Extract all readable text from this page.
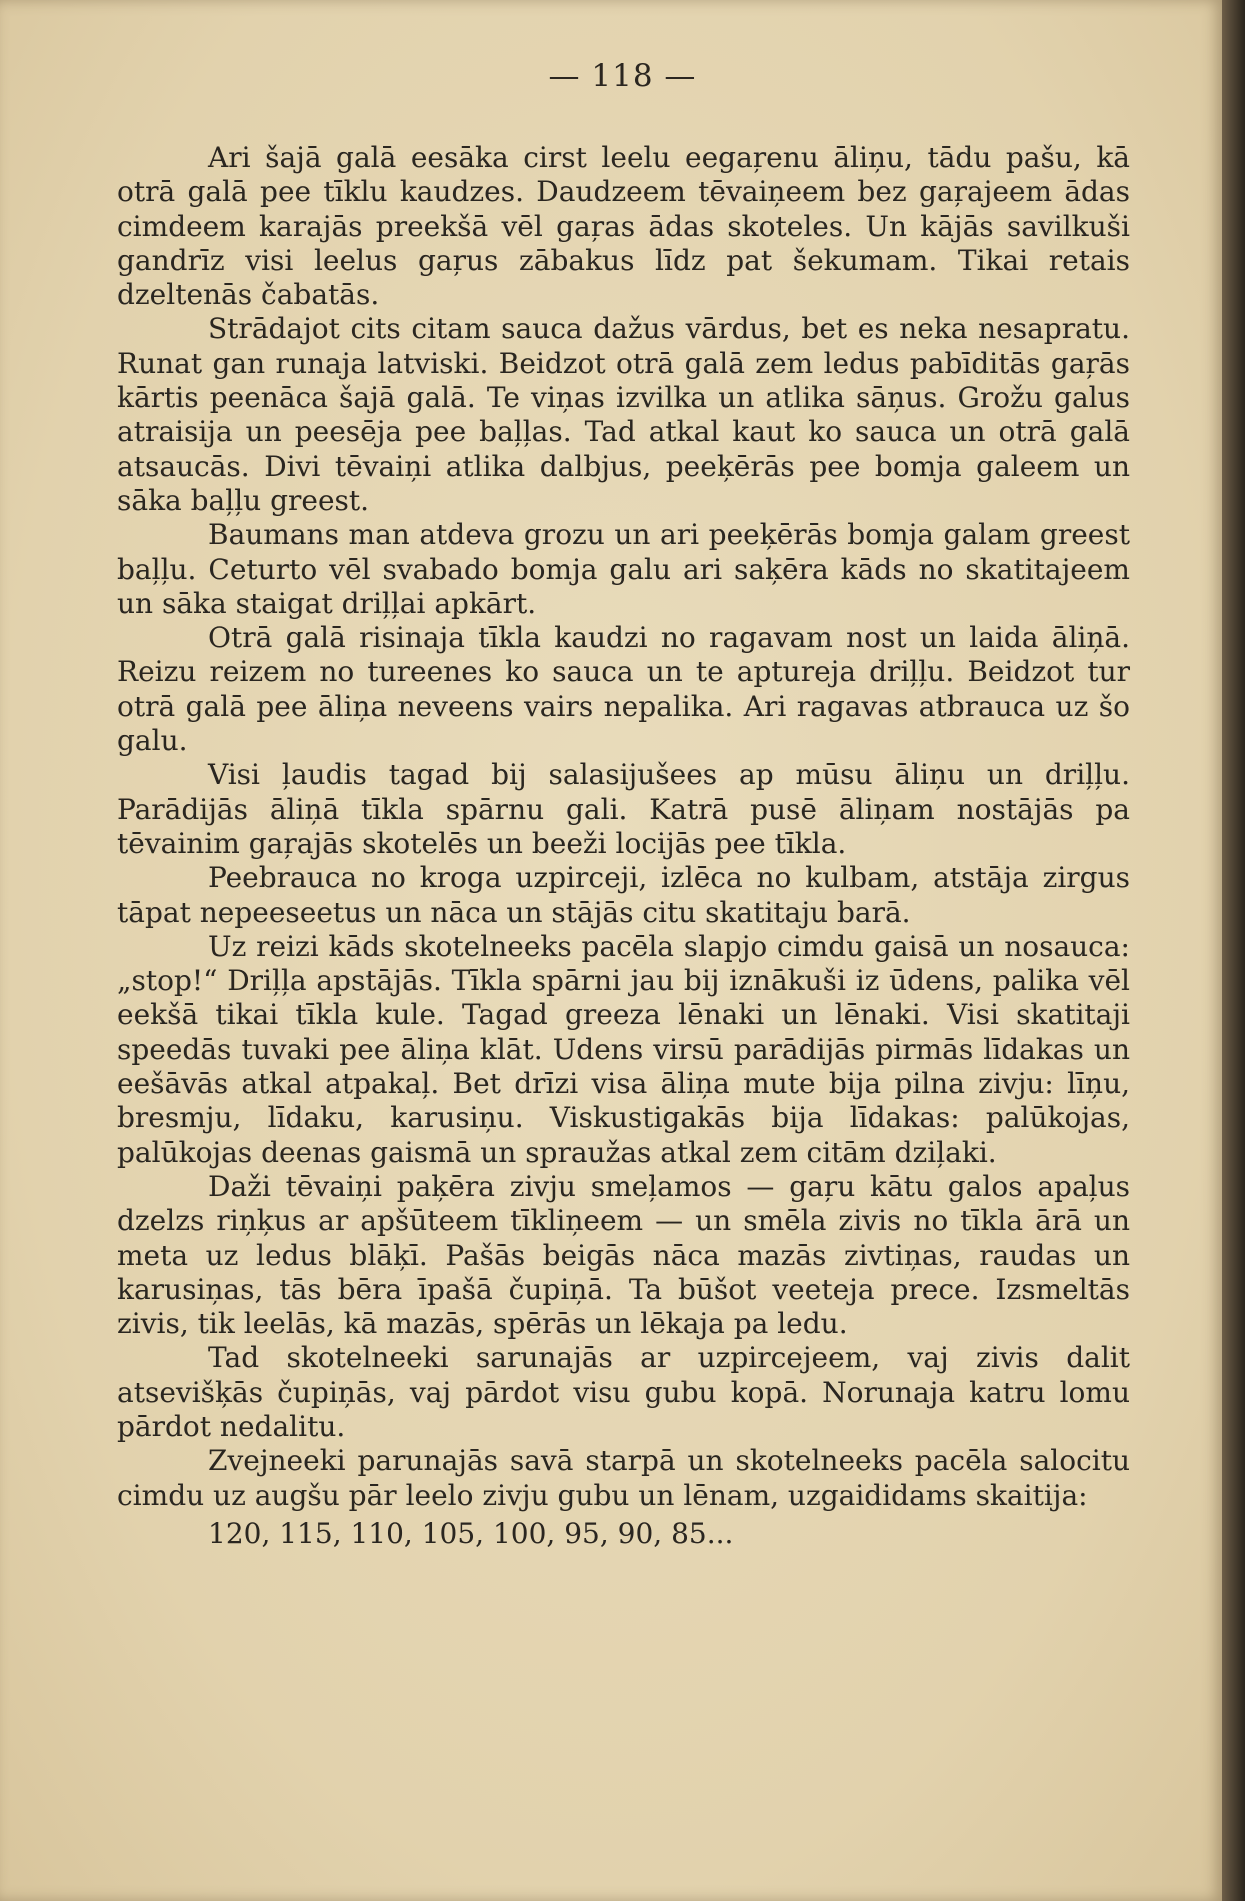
— 118 —

Ari šajā galā eesāka cirst leelu eegaŗenu āliņu, tādu pašu, kā otrā galā pee tīklu kaudzes. Daudzeem tēvaiņeem bez gaŗajeem ādas cimdeem karajās preekšā vēl gaŗas ādas skoteles. Un kājās savilkuši gandrīz visi leelus gaŗus zābakus līdz pat šekumam. Tikai retais dzeltenās čabatās.

Strādajot cits citam sauca dažus vārdus, bet es neka nesapratu. Runat gan runaja latviski. Beidzot otrā galā zem ledus pabīditās gaŗās kārtis peenāca šajā galā. Te viņas izvilka un atlika sāņus. Grožu galus atraisija un peesēja pee baļļas. Tad atkal kaut ko sauca un otrā galā atsaucās. Divi tēvaiņi atlika dalbjus, peeķērās pee bomja galeem un sāka baļļu greest.

Baumans man atdeva grozu un ari peeķērās bomja galam greest baļļu. Ceturto vēl svabado bomja galu ari saķēra kāds no skatitajeem un sāka staigat driļļai apkārt.

Otrā galā risinaja tīkla kaudzi no ragavam nost un laida āliņā. Reizu reizem no tureenes ko sauca un te aptureja driļļu. Beidzot tur otrā galā pee āliņa neveens vairs nepalika. Ari ragavas atbrauca uz šo galu.

Visi ļaudis tagad bij salasijušees ap mūsu āliņu un driļļu. Parādijās āliņā tīkla spārnu gali. Katrā pusē āliņam nostājās pa tēvainim gaŗajās skotelēs un beeži locijās pee tīkla.

Peebrauca no kroga uzpirceji, izlēca no kulbam, atstāja zirgus tāpat nepeeseetus un nāca un stājās citu skatitaju barā.

Uz reizi kāds skotelneeks pacēla slapjo cimdu gaisā un nosauca: „stop!“ Driļļa apstājās. Tīkla spārni jau bij iznākuši iz ūdens, palika vēl eekšā tikai tīkla kule. Tagad greeza lēnaki un lēnaki. Visi skatitaji speedās tuvaki pee āliņa klāt. Udens virsū parādijās pirmās līdakas un eešāvās atkal atpakaļ. Bet drīzi visa āliņa mute bija pilna zivju: līņu, bresmju, līdaku, karusiņu. Viskustigakās bija līdakas: palūkojas, palūkojas deenas gaismā un spraužas atkal zem citām dziļaki.

Daži tēvaiņi paķēra zivju smeļamos — gaŗu kātu galos apaļus dzelzs riņķus ar apšūteem tīkliņeem — un smēla zivis no tīkla ārā un meta uz ledus blāķī. Pašās beigās nāca mazās zivtiņas, raudas un karusiņas, tās bēra īpašā čupiņā. Ta būšot veeteja prece. Izsmeltās zivis, tik leelās, kā mazās, spērās un lēkaja pa ledu.

Tad skotelneeki sarunajās ar uzpircejeem, vaj zivis dalit atsevišķās čupiņās, vaj pārdot visu gubu kopā. Norunaja katru lomu pārdot nedalitu.

Zvejneeki parunajās savā starpā un skotelneeks pacēla salocitu cimdu uz augšu pār leelo zivju gubu un lēnam, uzgaididams skaitija:

120, 115, 110, 105, 100, 95, 90, 85...
